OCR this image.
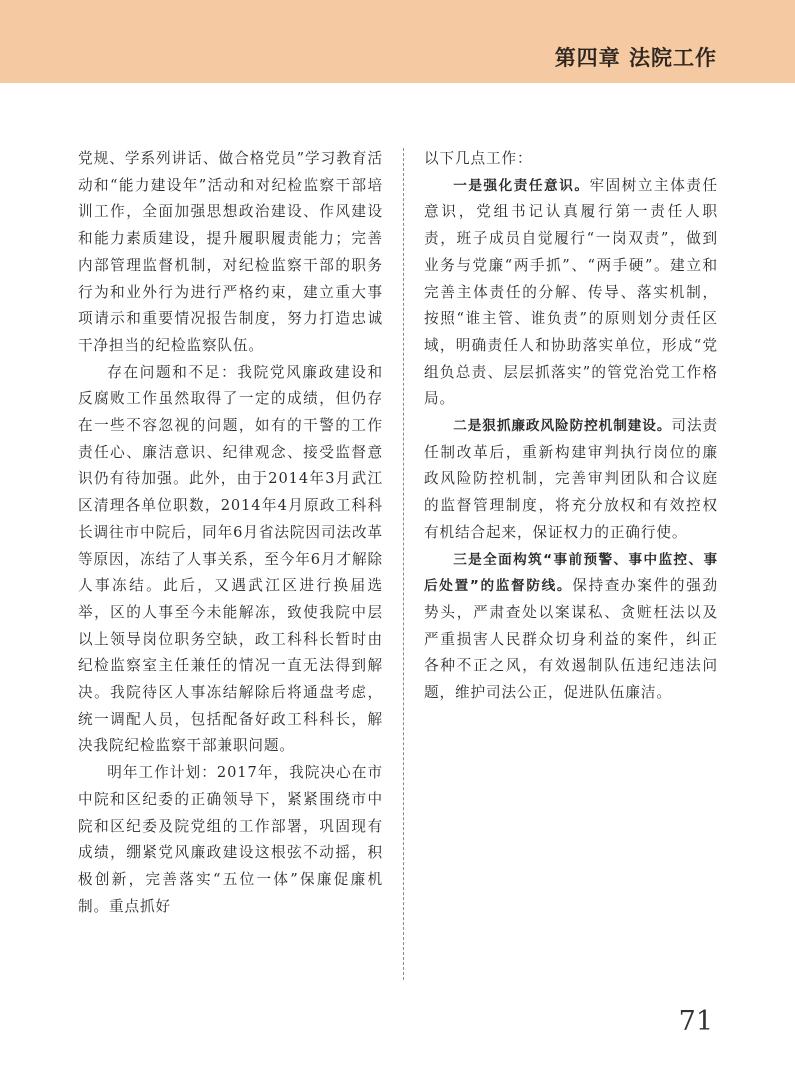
第四章 法院工作

党规、学系列讲话、做合格党员”学习教育活动和“能力建设年”活动和对纪检监察干部培训工作，全面加强思想政治建设、作风建设和能力素质建设，提升履职履责能力；完善内部管理监督机制，对纪检监察干部的职务行为和业外行为进行严格约束，建立重大事项请示和重要情况报告制度，努力打造忠诚干净担当的纪检监察队伍。

存在问题和不足：我院党风廉政建设和反腐败工作虽然取得了一定的成绩，但仍存在一些不容忽视的问题，如有的干警的工作责任心、廉洁意识、纪律观念、接受监督意识仍有待加强。此外，由于2014年3月武江区清理各单位职数，2014年4月原政工科科长调往市中院后，同年6月省法院因司法改革等原因，冻结了人事关系，至今年6月才解除人事冻结。此后，又遇武江区进行换届选举，区的人事至今未能解冻，致使我院中层以上领导岗位职务空缺，政工科科长暂时由纪检监察室主任兼任的情况一直无法得到解决。我院待区人事冻结解除后将通盘考虑，统一调配人员，包括配备好政工科科长，解决我院纪检监察干部兼职问题。

明年工作计划：2017年，我院决心在市中院和区纪委的正确领导下，紧紧围绕市中院和区纪委及院党组的工作部署，巩固现有成绩，绷紧党风廉政建设这根弦不动摇，积极创新，完善落实“五位一体”保廉促廉机制。重点抓好

以下几点工作：

一是强化责任意识。牢固树立主体责任意识，党组书记认真履行第一责任人职责，班子成员自觉履行“一岗双责”，做到业务与党廉“两手抓”、“两手硬”。建立和完善主体责任的分解、传导、落实机制，按照“谁主管、谁负责”的原则划分责任区域，明确责任人和协助落实单位，形成“党组负总责、层层抓落实”的管党治党工作格局。

二是狠抓廉政风险防控机制建设。司法责任制改革后，重新构建审判执行岗位的廉政风险防控机制，完善审判团队和合议庭的监督管理制度，将充分放权和有效控权有机结合起来，保证权力的正确行使。

三是全面构筑“事前预警、事中监控、事后处置”的监督防线。保持查办案件的强劲势头，严肃查处以案谋私、贪赃枉法以及严重损害人民群众切身利益的案件，纠正各种不正之风，有效遏制队伍违纪违法问题，维护司法公正，促进队伍廉洁。

71
